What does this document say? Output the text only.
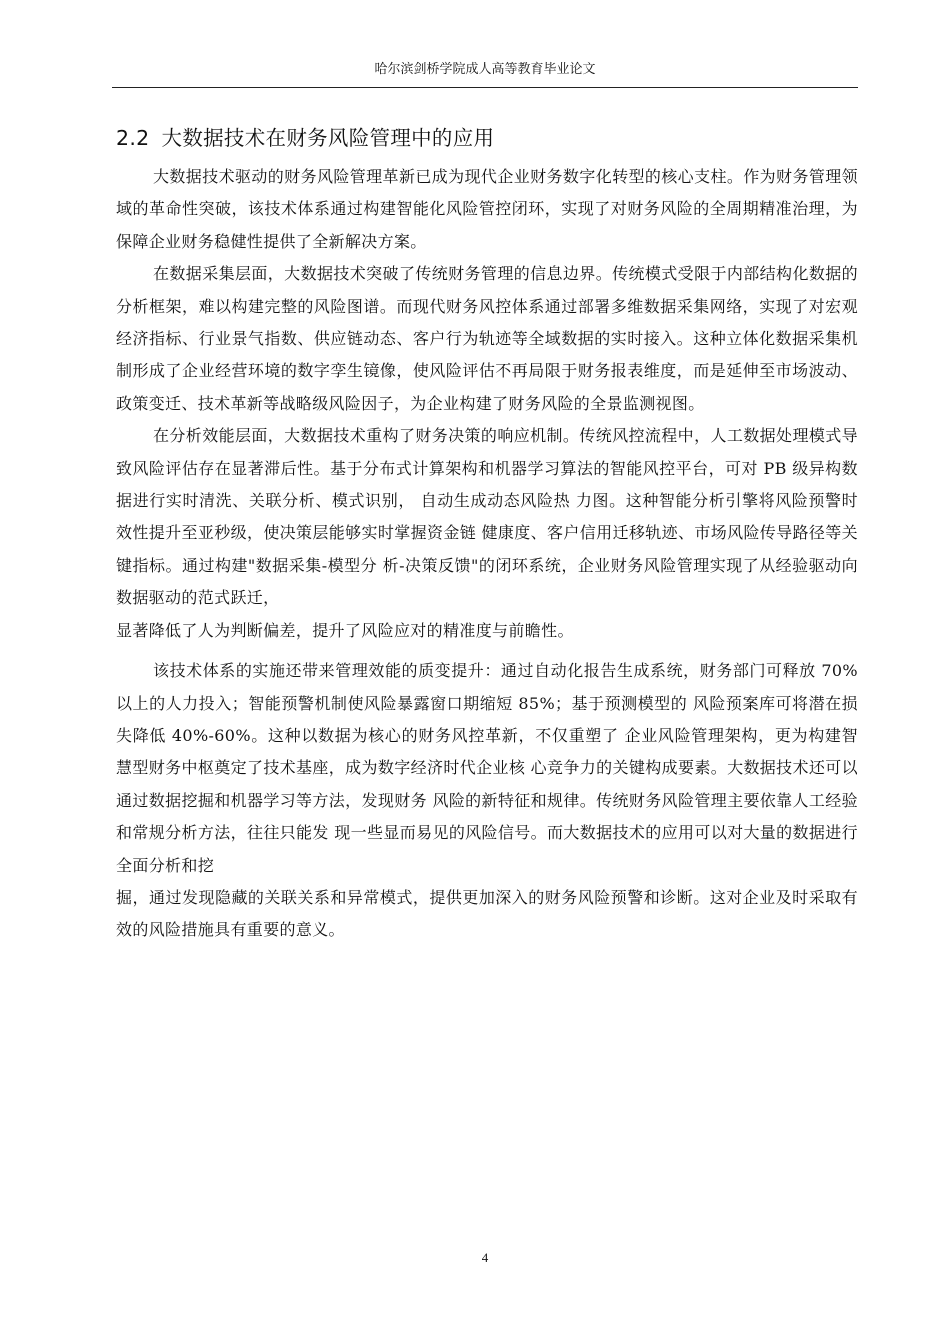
哈尔滨剑桥学院成人高等教育毕业论文
2.2 大数据技术在财务风险管理中的应用

大数据技术驱动的财务风险管理革新已成为现代企业财务数字化转型的核心支柱。作为财务管理领域的革命性突破，该技术体系通过构建智能化风险管控闭环，实现了对财务风险的全周期精准治理，为保障企业财务稳健性提供了全新解决方案。

在数据采集层面，大数据技术突破了传统财务管理的信息边界。传统模式受限于内部结构化数据的分析框架，难以构建完整的风险图谱。而现代财务风控体系通过部署多维数据采集网络，实现了对宏观经济指标、行业景气指数、供应链动态、客户行为轨迹等全域数据的实时接入。这种立体化数据采集机制形成了企业经营环境的数字孪生镜像，使风险评估不再局限于财务报表维度，而是延伸至市场波动、政策变迁、技术革新等战略级风险因子，为企业构建了财务风险的全景监测视图。

在分析效能层面，大数据技术重构了财务决策的响应机制。传统风控流程中，人工数据处理模式导致风险评估存在显著滞后性。基于分布式计算架构和机器学习算法的智能风控平台，可对 PB 级异构数据进行实时清洗、关联分析、模式识别， 自动生成动态风险热 力图。这种智能分析引擎将风险预警时效性提升至亚秒级，使决策层能够实时掌握资金链 健康度、客户信用迁移轨迹、市场风险传导路径等关键指标。通过构建"数据采集-模型分 析-决策反馈"的闭环系统，企业财务风险管理实现了从经验驱动向数据驱动的范式跃迁，

显著降低了人为判断偏差，提升了风险应对的精准度与前瞻性。

该技术体系的实施还带来管理效能的质变提升：通过自动化报告生成系统，财务部门可释放 70%以上的人力投入；智能预警机制使风险暴露窗口期缩短 85%；基于预测模型的 风险预案库可将潜在损失降低 40%-60%。这种以数据为核心的财务风控革新，不仅重塑了 企业风险管理架构，更为构建智慧型财务中枢奠定了技术基座，成为数字经济时代企业核 心竞争力的关键构成要素。大数据技术还可以通过数据挖掘和机器学习等方法，发现财务 风险的新特征和规律。传统财务风险管理主要依靠人工经验和常规分析方法，往往只能发 现一些显而易见的风险信号。而大数据技术的应用可以对大量的数据进行全面分析和挖

掘，通过发现隐藏的关联关系和异常模式，提供更加深入的财务风险预警和诊断。这对企业及时采取有效的风险措施具有重要的意义。

4
